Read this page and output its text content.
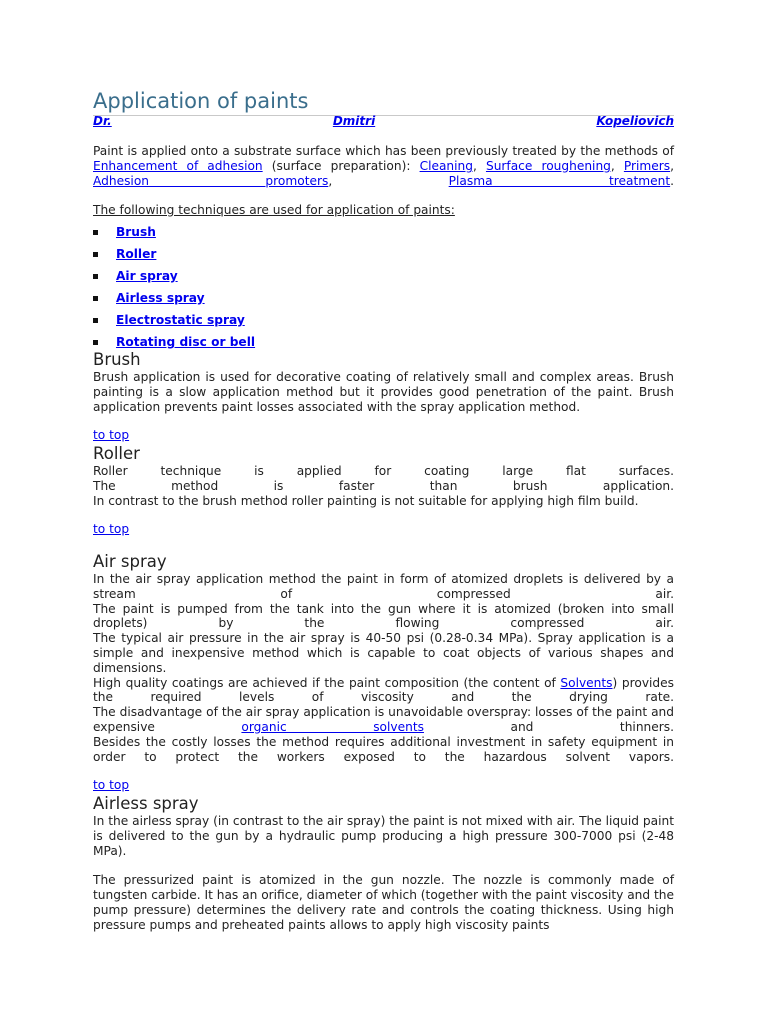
Application of paints
Dr.	Dmitri	Kopeliovich

Paint is applied onto a substrate surface which has been previously treated by the methods of Enhancement of adhesion (surface preparation): Cleaning, Surface roughening, Primers, Adhesion promoters, Plasma treatment.

The following techniques are used for application of paints:
Brush
Roller
Air spray
Airless spray
Electrostatic spray
Rotating disc or bell
Brush

Brush application is used for decorative coating of relatively small and complex areas. Brush painting is a slow application method but it provides good penetration of the paint. Brush application prevents paint losses associated with the spray application method.

to top
Roller

Roller technique is applied for coating large flat surfaces.

The method is faster than brush application.

In contrast to the brush method roller painting is not suitable for applying high film build.

to top
Air spray

In the air spray application method the paint in form of atomized droplets is delivered by a stream of compressed air.

The paint is pumped from the tank into the gun where it is atomized (broken into small droplets) by the flowing compressed air.

The typical air pressure in the air spray is 40-50 psi (0.28-0.34 MPa). Spray application is a simple and inexpensive method which is capable to coat objects of various shapes and dimensions.

High quality coatings are achieved if the paint composition (the content of Solvents) provides the required levels of viscosity and the drying rate.

The disadvantage of the air spray application is unavoidable overspray: losses of the paint and expensive	organic solvents	and thinners.

Besides the costly losses the method requires additional investment in safety equipment in order to protect the workers exposed to the hazardous solvent vapors.

to top
Airless spray

In the airless spray (in contrast to the air spray) the paint is not mixed with air. The liquid paint is delivered to the gun by a hydraulic pump producing a high pressure 300-7000 psi (2-48 MPa).

The pressurized paint is atomized in the gun nozzle. The nozzle is commonly made of tungsten carbide. It has an orifice, diameter of which (together with the paint viscosity and the pump pressure) determines the delivery rate and controls the coating thickness. Using high pressure pumps and preheated paints allows to apply high viscosity paints
